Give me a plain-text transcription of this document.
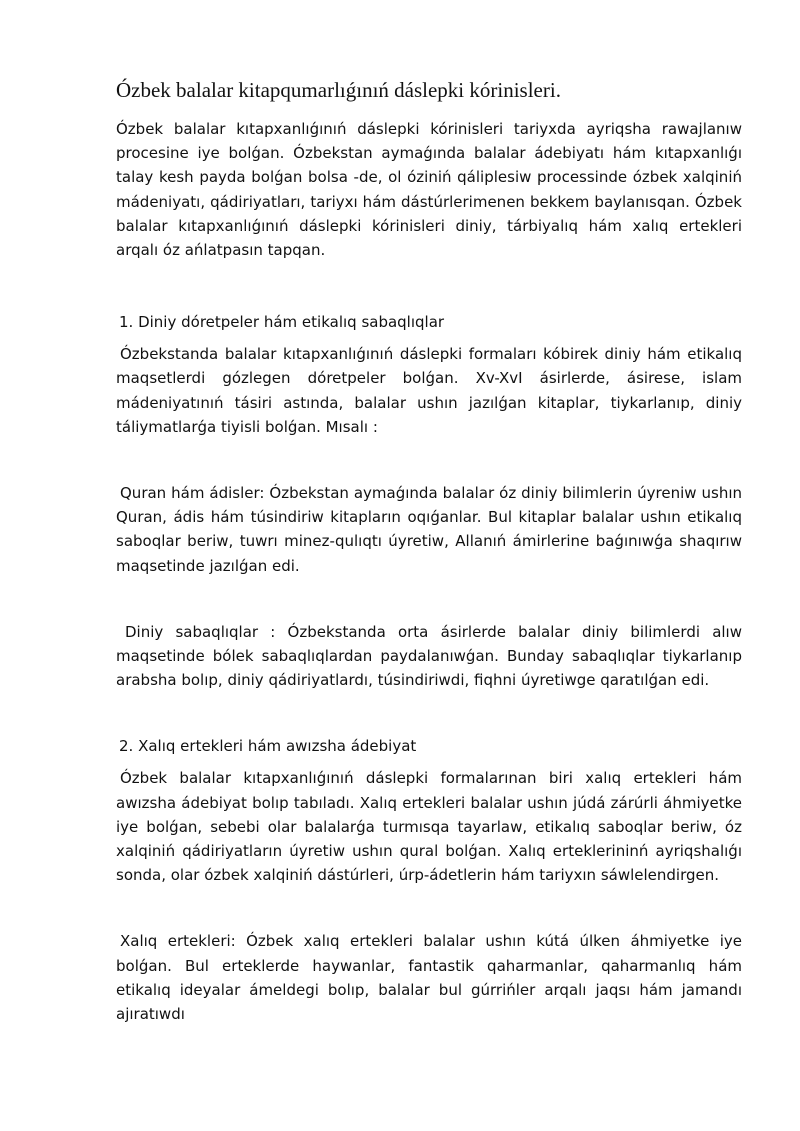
Ózbek balalar kitapqumarlıǵınıń dáslepki kórinisleri.

Ózbek balalar kıtapxanlıǵınıń dáslepki kórinisleri tariyxda ayriqsha rawajlanıw procesine iye bolǵan. Ózbekstan aymaǵında balalar ádebiyatı hám kıtapxanlıǵı talay kesh payda bolǵan bolsa -de, ol óziniń qáliplesiw processinde ózbek xalqiniń mádeniyatı, qádiriyatları, tariyxı hám dástúrlerimenen bekkem baylanısqan. Ózbek balalar kıtapxanlıǵınıń dáslepki kórinisleri diniy, tárbiyalıq hám xalıq ertekleri arqalı óz ańlatpasın tapqan.

1. Diniy dóretpeler hám etikalıq sabaqlıqlar

Ózbekstanda balalar kıtapxanlıǵınıń dáslepki formaları kóbirek diniy hám etikalıq maqsetlerdi gózlegen dóretpeler bolǵan. Xv-XvI ásirlerde, ásirese, islam mádeniyatınıń tásiri astında, balalar ushın jazılǵan kitaplar, tiykarlanıp, diniy táliymatlarǵa tiyisli bolǵan. Mısalı :

Quran hám ádisler: Ózbekstan aymaǵında balalar óz diniy bilimlerin úyreniw ushın Quran, ádis hám túsindiriw kitapların oqıǵanlar. Bul kitaplar balalar ushın etikalıq saboqlar beriw, tuwrı minez-qulıqtı úyretiw, Allanıń ámirlerine baǵınıwǵa shaqırıw maqsetinde jazılǵan edi.

Diniy sabaqlıqlar : Ózbekstanda orta ásirlerde balalar diniy bilimlerdi alıw maqsetinde bólek sabaqlıqlardan paydalanıwǵan. Bunday sabaqlıqlar tiykarlanıp arabsha bolıp, diniy qádiriyatlardı, túsindiriwdi, fiqhni úyretiwge qaratılǵan edi.

2. Xalıq ertekleri hám awızsha ádebiyat

Ózbek balalar kıtapxanlıǵınıń dáslepki formalarınan biri xalıq ertekleri hám awızsha ádebiyat bolıp tabıladı. Xalıq ertekleri balalar ushın júdá zárúrli áhmiyetke iye bolǵan, sebebi olar balalarǵa turmısqa tayarlaw, etikalıq saboqlar beriw, óz xalqiniń qádiriyatların úyretiw ushın qural bolǵan. Xalıq erteklerininń ayriqshalıǵı sonda, olar ózbek xalqiniń dástúrleri, úrp-ádetlerin hám tariyxın sáwlelendirgen.

Xalıq ertekleri: Ózbek xalıq ertekleri balalar ushın kútá úlken áhmiyetke iye bolǵan. Bul erteklerde haywanlar, fantastik qaharmanlar, qaharmanlıq hám etikalıq ideyalar ámeldegi bolıp, balalar bul gúrrińler arqalı jaqsı hám jamandı ajıratıwdı
